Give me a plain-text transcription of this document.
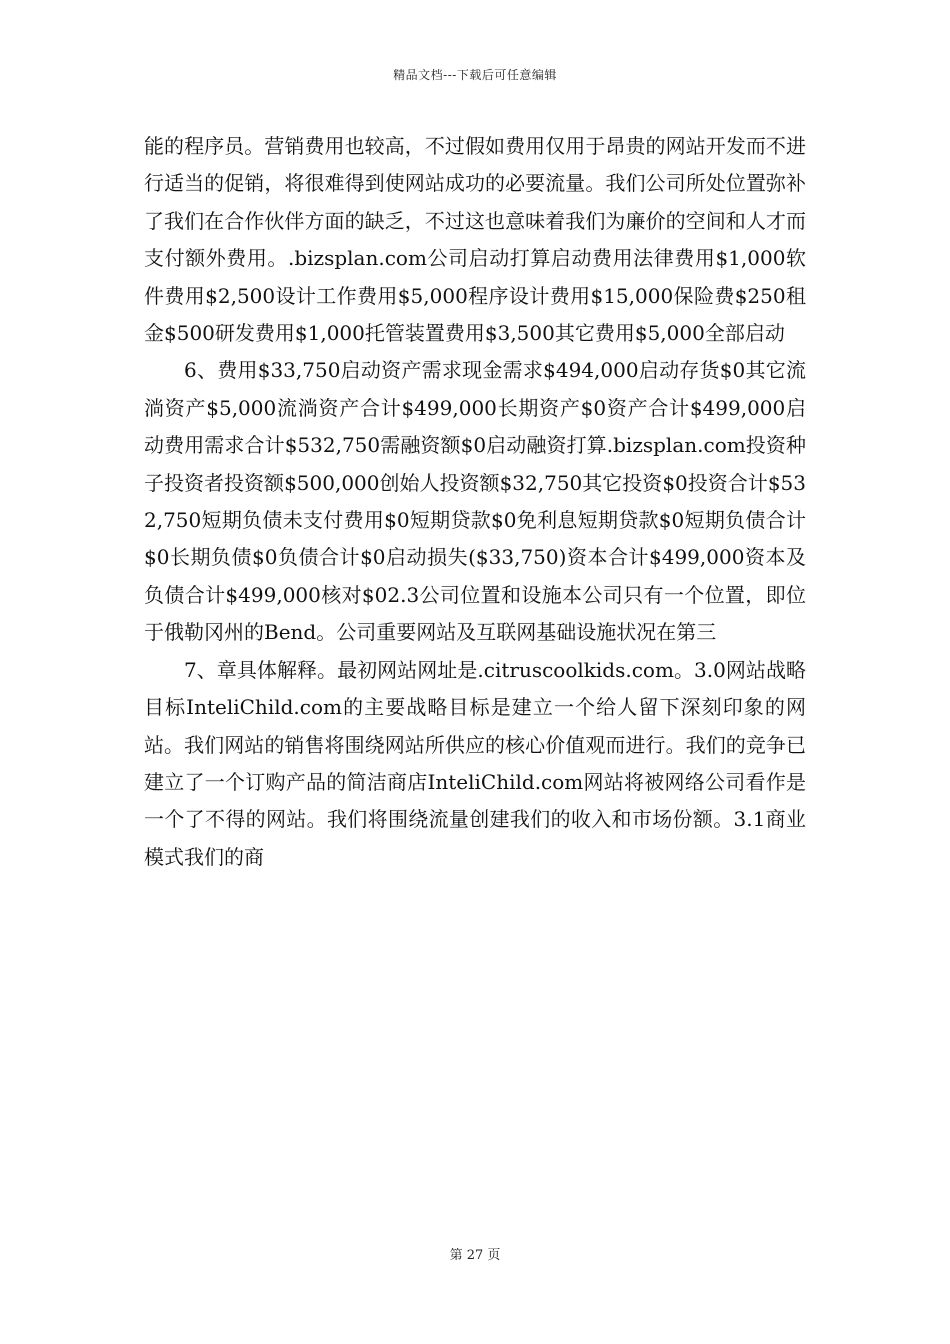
精品文档---下载后可任意编辑

能的程序员。营销费用也较高，不过假如费用仅用于昂贵的网站开发而不进行适当的促销，将很难得到使网站成功的必要流量。我们公司所处位置弥补了我们在合作伙伴方面的缺乏，不过这也意味着我们为廉价的空间和人才而支付额外费用。.bizsplan.com公司启动打算启动费用法律费用$1,000软件费用$2,500设计工作费用$5,000程序设计费用$15,000保险费$250租金$500研发费用$1,000托管装置费用$3,500其它费用$5,000全部启动

6、费用$33,750启动资产需求现金需求$494,000启动存货$0其它流淌资产$5,000流淌资产合计$499,000长期资产$0资产合计$499,000启动费用需求合计$532,750需融资额$0启动融资打算.bizsplan.com投资种子投资者投资额$500,000创始人投资额$32,750其它投资$0投资合计$532,750短期负债未支付费用$0短期贷款$0免利息短期贷款$0短期负债合计$0长期负债$0负债合计$0启动损失($33,750)资本合计$499,000资本及负债合计$499,000核对$02.3公司位置和设施本公司只有一个位置，即位于俄勒冈州的Bend。公司重要网站及互联网基础设施状况在第三

7、章具体解释。最初网站网址是.citruscoolkids.com。3.0网站战略目标InteliChild.com的主要战略目标是建立一个给人留下深刻印象的网站。我们网站的销售将围绕网站所供应的核心价值观而进行。我们的竞争已建立了一个订购产品的简洁商店InteliChild.com网站将被网络公司看作是一个了不得的网站。我们将围绕流量创建我们的收入和市场份额。3.1商业模式我们的商

第 27 页
